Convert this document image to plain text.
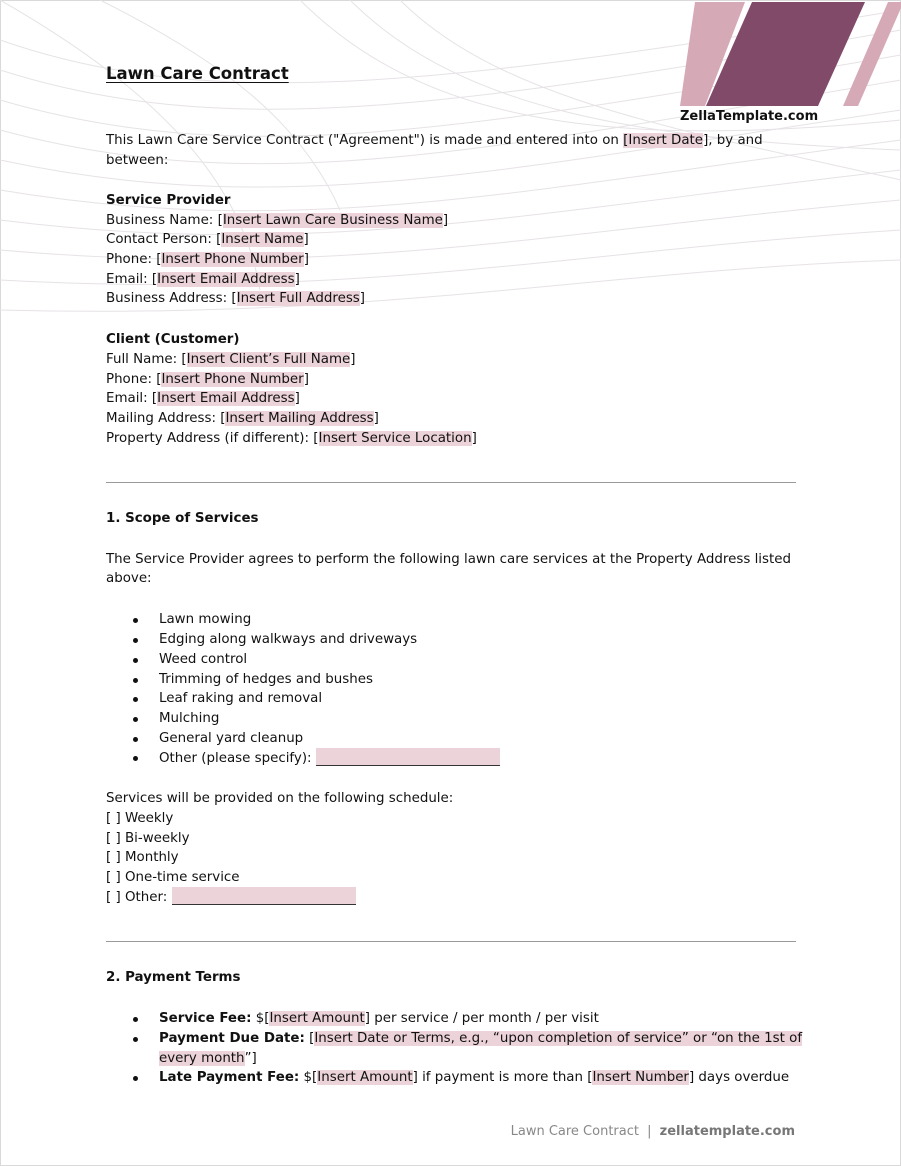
ZellaTemplate.com
Lawn Care Contract
This Lawn Care Service Contract ("Agreement") is made and entered into on [Insert Date], by and
between:
Service Provider
Business Name: [Insert Lawn Care Business Name]
Contact Person: [Insert Name]
Phone: [Insert Phone Number]
Email: [Insert Email Address]
Business Address: [Insert Full Address]
Client (Customer)
Full Name: [Insert Client’s Full Name]
Phone: [Insert Phone Number]
Email: [Insert Email Address]
Mailing Address: [Insert Mailing Address]
Property Address (if different): [Insert Service Location]
1. Scope of Services
The Service Provider agrees to perform the following lawn care services at the Property Address listed
above:
Lawn mowing
Edging along walkways and driveways
Weed control
Trimming of hedges and bushes
Leaf raking and removal
Mulching
General yard cleanup
Other (please specify):
Services will be provided on the following schedule:
[ ] Weekly
[ ] Bi-weekly
[ ] Monthly
[ ] One-time service
[ ] Other:
2. Payment Terms
Service Fee: $[Insert Amount] per service / per month / per visit
Payment Due Date: [Insert Date or Terms, e.g., “upon completion of service” or “on the 1st of
every month”]
Late Payment Fee: $[Insert Amount] if payment is more than [Insert Number] days overdue
Lawn Care Contract | zellatemplate.com
